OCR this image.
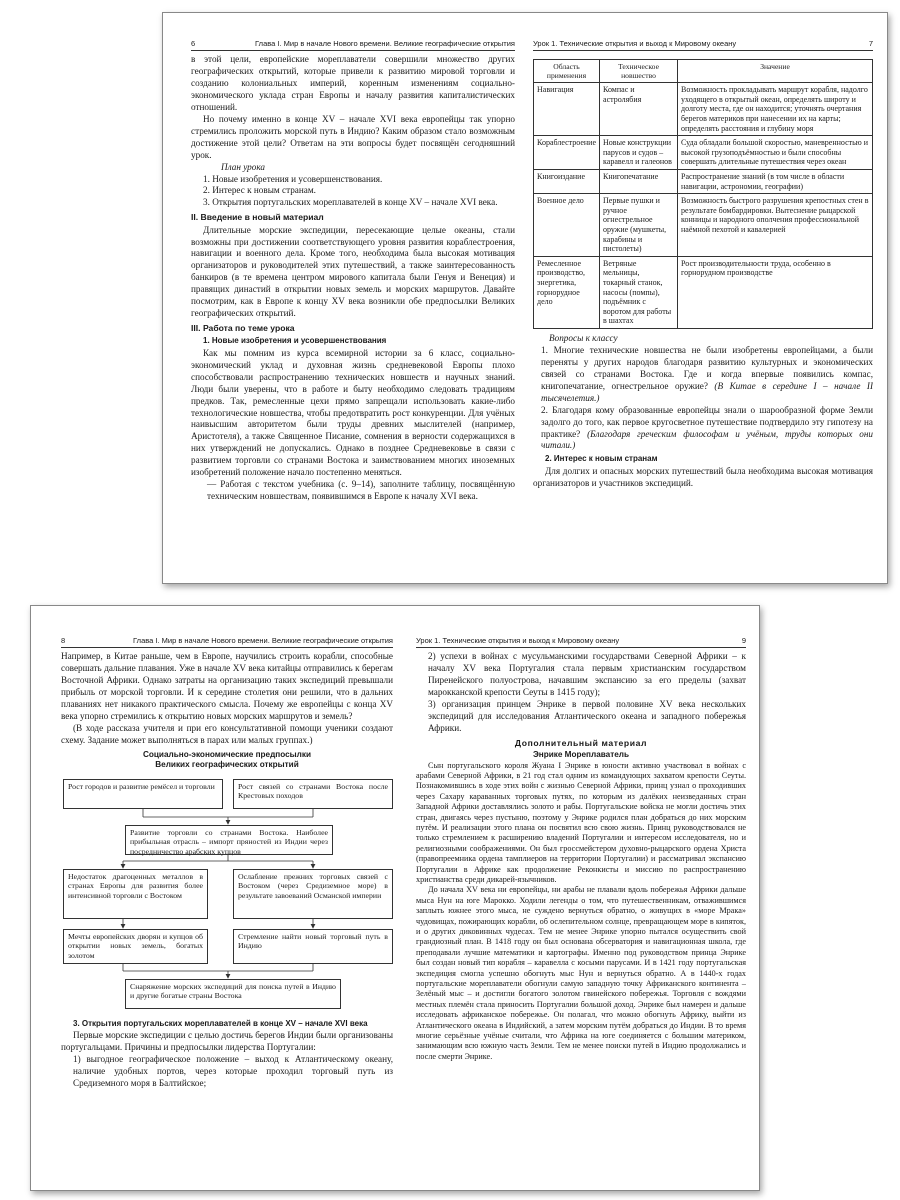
6	Глава I. Мир в начале Нового времени. Великие географические открытия

в этой цели, европейские мореплаватели совершили множество других географических открытий, которые привели к развитию мировой торговли и созданию колониальных империй, коренным изменениям социально-экономического уклада стран Европы и началу развития капиталистических отношений.

Но почему именно в конце XV – начале XVI века европейцы так упорно стремились проложить морской путь в Индию? Каким образом стало возможным достижение этой цели? Ответам на эти вопросы будет посвящён сегодняшний урок.

План урока
1. Новые изобретения и усовершенствования.
2. Интерес к новым странам.
3. Открытия португальских мореплавателей в конце XV – начале XVI века.
II. Введение в новый материал

Длительные морские экспедиции, пересекающие целые океаны, стали возможны при достижении соответствующего уровня развития кораблестроения, навигации и военного дела. Кроме того, необходима была высокая мотивация организаторов и руководителей этих путешествий, а также заинтересованность банкиров (в те времена центром мирового капитала были Генуя и Венеция) и правящих династий в открытии новых земель и морских маршрутов. Давайте посмотрим, как в Европе к концу XV века возникли обе предпосылки Великих географических открытий.

III. Работа по теме урока
1. Новые изобретения и усовершенствования

Как мы помним из курса всемирной истории за 6 класс, социально-экономический уклад и духовная жизнь средневековой Европы плохо способствовали распространению технических новшеств и научных знаний. Люди были уверены, что в работе и быту необходимо следовать традициям предков. Так, ремесленные цехи прямо запрещали использовать какие-либо технологические новшества, чтобы предотвратить рост конкуренции. Для учёных наивысшим авторитетом были труды древних мыслителей (например, Аристотеля), а также Священное Писание, сомнения в верности содержащихся в них утверждений не допускались. Однако в позднее Средневековье в связи с развитием торговли со странами Востока и заимствованием многих иноземных изобретений положение начало постепенно меняться.

— Работая с текстом учебника (с. 9–14), заполните таблицу, посвящённую техническим новшествам, появившимся в Европе к началу XVI века.

Урок 1. Технические открытия и выход к Мировому океану	7
Область применения	Техническое новшество	Значение
Навигация	Компас и астролябия	Возможность прокладывать маршрут корабля, надолго уходящего в открытый океан, определять широту и долготу места, где он находится; уточнять очертания берегов материков при нанесении их на карты; определять расстояния и глубину моря
Кораблестроение	Новые конструкции парусов и судов – каравелл и галеонов	Суда обладали большой скоростью, маневренностью и высокой грузоподъёмностью и были способны совершать длительные путешествия через океан
Книгоиздание	Книгопечатание	Распространение знаний (в том числе в области навигации, астрономии, географии)
Военное дело	Первые пушки и ручное огнестрельное оружие (мушкеты, карабины и пистолеты)	Возможность быстрого разрушения крепостных стен в результате бомбардировки. Вытеснение рыцарской конницы и народного ополчения профессиональной наёмной пехотой и кавалерией
Ремесленное производство, энергетика, горнорудное дело	Ветряные мельницы, токарный станок, насосы (помпы), подъёмник с воротом для работы в шахтах	Рост производительности труда, особенно в горнорудном производстве
Вопросы к классу

1. Многие технические новшества не были изобретены европейцами, а были переняты у других народов благодаря развитию культурных и экономических связей со странами Востока. Где и когда впервые появились компас, книгопечатание, огнестрельное оружие? (В Китае в середине I – начале II тысячелетия.)

2. Благодаря кому образованные европейцы знали о шарообразной форме Земли задолго до того, как первое кругосветное путешествие подтвердило эту гипотезу на практике? (Благодаря греческим философам и учёным, труды которых они читали.)

2. Интерес к новым странам

Для долгих и опасных морских путешествий была необходима высокая мотивация организаторов и участников экспедиций.

8	Глава I. Мир в начале Нового времени. Великие географические открытия

Например, в Китае раньше, чем в Европе, научились строить корабли, способные совершать дальние плавания. Уже в начале XV века китайцы отправились к берегам Восточной Африки. Однако затраты на организацию таких экспедиций превышали прибыль от морской торговли. И к середине столетия они решили, что в дальних плаваниях нет никакого практического смысла. Почему же европейцы с конца XV века упорно стремились к открытию новых морских маршрутов и земель?

(В ходе рассказа учителя и при его консультативной помощи ученики создают схему. Задание может выполняться в парах или малых группах.)

Социально-экономические предпосылки
Великих географических открытий
Рост городов и развитие ремёсел и торговли	Рост связей со странами Востока после Крестовых походов
Развитие торговли со странами Востока. Наиболее прибыльная отрасль – импорт пряностей из Индии через посредничество арабских купцов
Недостаток драгоценных металлов в странах Европы для развития более интенсивной торговли с Востоком
Ослабление прежних торговых связей с Востоком (через Средиземное море) в результате завоеваний Османской империи
Мечты европейских дворян и купцов об открытии новых земель, богатых золотом
Стремление найти новый торговый путь в Индию
Снаряжение морских экспедиций для поиска путей в Индию и другие богатые страны Востока
3. Открытия португальских мореплавателей в конце XV – начале XVI века

Первые морские экспедиции с целью достичь берегов Индии были организованы португальцами. Причины и предпосылки лидерства Португалии:

1) выгодное географическое положение – выход к Атлантическому океану, наличие удобных портов, через которые проходил торговый путь из Средиземного моря в Балтийское;

Урок 1. Технические открытия и выход к Мировому океану	9

2) успехи в войнах с мусульманскими государствами Северной Африки – к началу XV века Португалия стала первым христианским государством Пиренейского полуострова, начавшим экспансию за его пределы (захват марокканской крепости Сеуты в 1415 году);

3) организация принцем Энрике в первой половине XV века нескольких экспедиций для исследования Атлантического океана и западного побережья Африки.

Дополнительный материал
Энрике Мореплаватель

Сын португальского короля Жуана I Энрике в юности активно участвовал в войнах с арабами Северной Африки, в 21 год стал одним из командующих захватом крепости Сеуты. Познакомившись в ходе этих войн с жизнью Северной Африки, принц узнал о проходивших через Сахару караванных торговых путях, по которым из далёких неизведанных стран Западной Африки доставлялись золото и рабы. Португальские войска не могли достичь этих стран, двигаясь через пустыню, поэтому у Энрике родился план добраться до них морским путём. И реализации этого плана он посвятил всю свою жизнь. Принц руководствовался не только стремлением к расширению владений Португалии и интересом исследователя, но и религиозными соображениями. Он был гроссмейстером духовно-рыцарского ордена Христа (правопреемника ордена тамплиеров на территории Португалии) и рассматривал экспансию Португалии в Африке как продолжение Реконкисты и миссию по распространению христианства среди дикарей-язычников.

До начала XV века ни европейцы, ни арабы не плавали вдоль побережья Африки дальше мыса Нун на юге Марокко. Ходили легенды о том, что путешественникам, отважившимся заплыть южнее этого мыса, не суждено вернуться обратно, о живущих в «море Мрака» чудовищах, пожирающих корабли, об ослепительном солнце, превращающем море в кипяток, и о других диковинных чудесах. Тем не менее Энрике упорно пытался осуществить свой грандиозный план. В 1418 году он был основана обсерватория и навигационная школа, где преподавали лучшие математики и картографы. Именно под руководством принца Энрике был создан новый тип корабля – каравелла с косыми парусами. И в 1421 году португальская экспедиция смогла успешно обогнуть мыс Нун и вернуться обратно. А в 1440-х годах португальские мореплаватели обогнули самую западную точку Африканского континента – Зелёный мыс – и достигли богатого золотом гвинейского побережья. Торговля с вождями местных племён стала приносить Португалии большой доход. Энрике был намерен и дальше исследовать африканское побережье. Он полагал, что можно обогнуть Африку, выйти из Атлантического океана в Индийский, а затем морским путём добраться до Индии. В то время многие серьёзные учёные считали, что Африка на юге соединяется с большим материком, занимающим всю южную часть Земли. Тем не менее поиски путей в Индию продолжались и после смерти Энрике.
